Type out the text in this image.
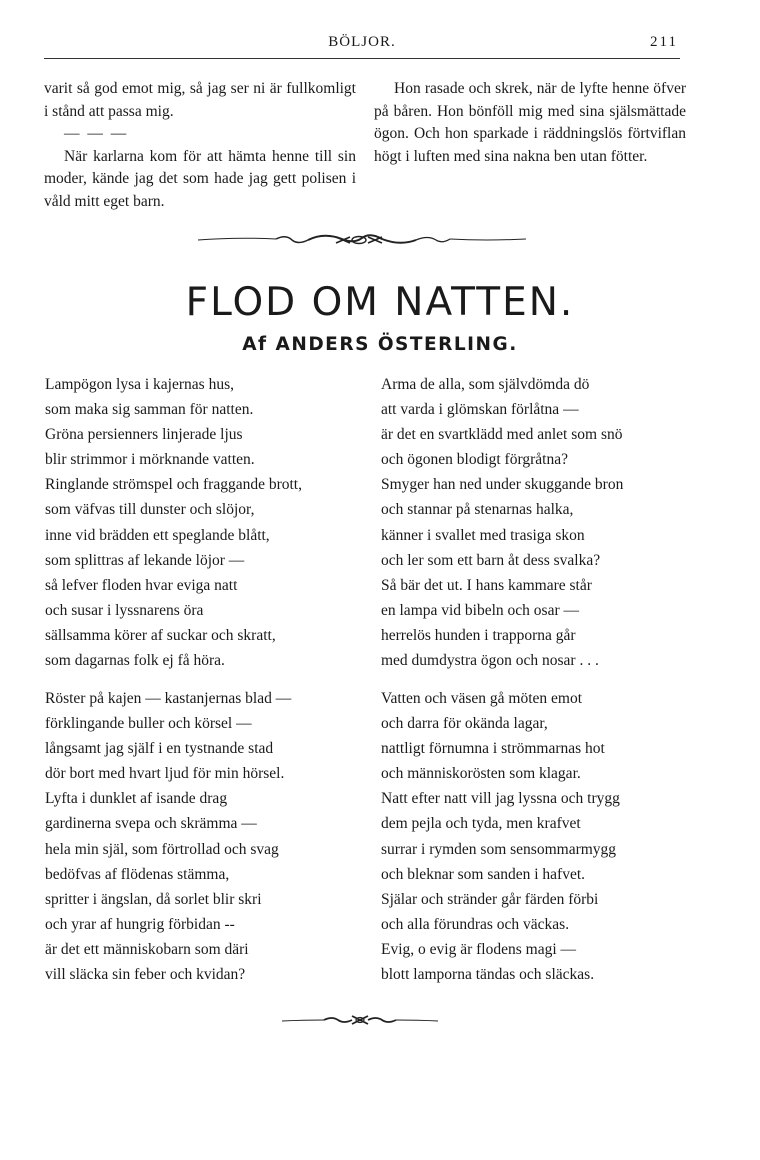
BÖLJOR.	211

varit så god emot mig, så jag ser ni är fullkomligt i stånd att passa mig.

— — —

När karlarna kom för att hämta henne till sin moder, kände jag det som hade jag gett polisen i våld mitt eget barn.

Hon rasade och skrek, när de lyfte henne öfver på båren. Hon bönföll mig med sina själsmättade ögon. Och hon sparkade i räddningslös förtviflan högt i luften med sina nakna ben utan fötter.

FLOD OM NATTEN.
Af ANDERS ÖSTERLING.
Lampögon lysa i kajernas hus,
som maka sig samman för natten.
Gröna persienners linjerade ljus
blir strimmor i mörknande vatten.
Ringlande strömspel och fraggande brott,
som väfvas till dunster och slöjor,
inne vid brädden ett speglande blått,
som splittras af lekande löjor —
så lefver floden hvar eviga natt
och susar i lyssnarens öra
sällsamma körer af suckar och skratt,
som dagarnas folk ej få höra.
Arma de alla, som självdömda dö
att varda i glömskan förlåtna —
är det en svartklädd med anlet som snö
och ögonen blodigt förgråtna?
Smyger han ned under skuggande bron
och stannar på stenarnas halka,
känner i svallet med trasiga skon
och ler som ett barn åt dess svalka?
Så bär det ut. I hans kammare står
en lampa vid bibeln och osar —
herrelös hunden i trapporna går
med dumdystra ögon och nosar . . .
Röster på kajen — kastanjernas blad —
förklingande buller och körsel —
långsamt jag själf i en tystnande stad
dör bort med hvart ljud för min hörsel.
Lyfta i dunklet af isande drag
gardinerna svepa och skrämma —
hela min själ, som förtrollad och svag
bedöfvas af flödenas stämma,
spritter i ängslan, då sorlet blir skri
och yrar af hungrig förbidan --
är det ett människobarn som däri
vill släcka sin feber och kvidan?
Vatten och väsen gå möten emot
och darra för okända lagar,
nattligt förnumna i strömmarnas hot
och människorösten som klagar.
Natt efter natt vill jag lyssna och trygg
dem pejla och tyda, men krafvet
surrar i rymden som sensommarmygg
och bleknar som sanden i hafvet.
Själar och stränder går färden förbi
och alla förundras och väckas.
Evig, o evig är flodens magi —
blott lamporna tändas och släckas.
